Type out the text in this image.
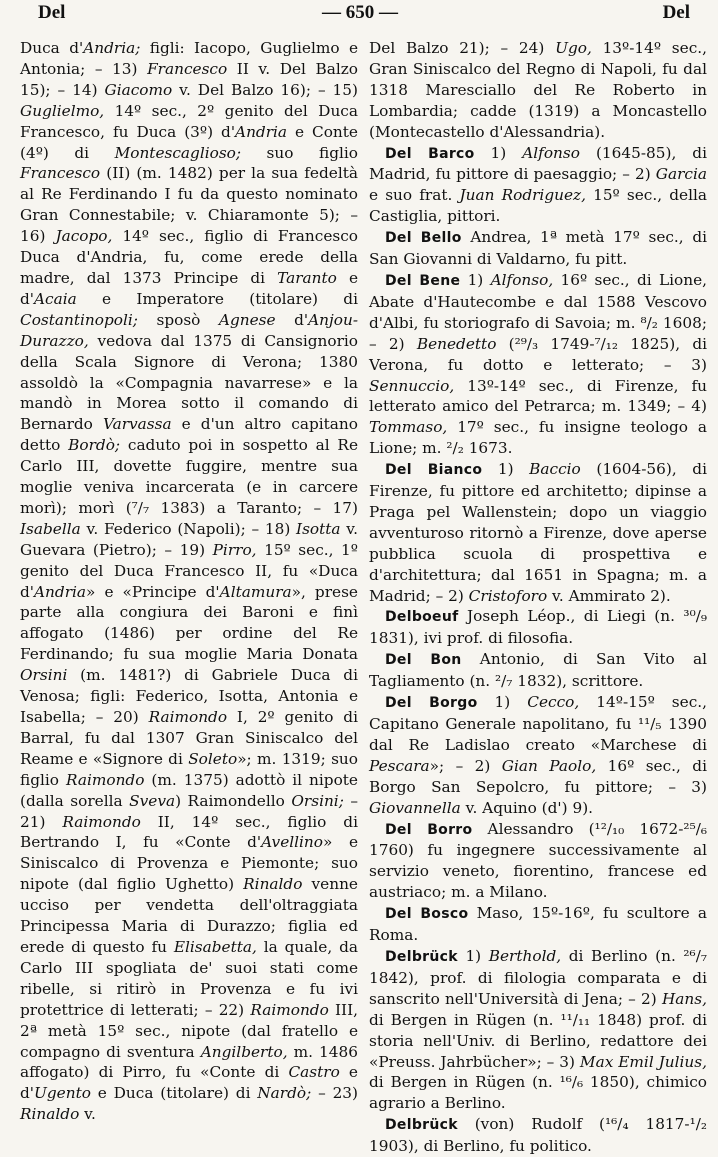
Del	— 650 —	Del

Duca d'Andria; figli: Iacopo, Guglielmo e Antonia; – 13) Francesco II v. Del Balzo 15); – 14) Giacomo v. Del Balzo 16); – 15) Guglielmo, 14º sec., 2º genito del Duca Francesco, fu Duca (3º) d'Andria e Conte (4º) di Montescaglioso; suo figlio Francesco (II) (m. 1482) per la sua fedeltà al Re Ferdinando I fu da questo nominato Gran Connestabile; v. Chiaramonte 5); – 16) Jacopo, 14º sec., figlio di Francesco Duca d'Andria, fu, come erede della madre, dal 1373 Principe di Taranto e d'Acaia e Imperatore (titolare) di Costantinopoli; sposò Agnese d'Anjou-Durazzo, vedova dal 1375 di Cansignorio della Scala Signore di Verona; 1380 assoldò la «Compagnia navarrese» e la mandò in Morea sotto il comando di Bernardo Varvassa e d'un altro capitano detto Bordò; caduto poi in sospetto al Re Carlo III, dovette fuggire, mentre sua moglie veniva incarcerata (e in carcere morì); morì (⁷/₇ 1383) a Taranto; – 17) Isabella v. Federico (Napoli); – 18) Isotta v. Guevara (Pietro); – 19) Pirro, 15º sec., 1º genito del Duca Francesco II, fu «Duca d'Andria» e «Principe d'Altamura», prese parte alla congiura dei Baroni e finì affogato (1486) per ordine del Re Ferdinando; fu sua moglie Maria Donata Orsini (m. 1481?) di Gabriele Duca di Venosa; figli: Federico, Isotta, Antonia e Isabella; – 20) Raimondo I, 2º genito di Barral, fu dal 1307 Gran Siniscalco del Reame e «Signore di Soleto»; m. 1319; suo figlio Raimondo (m. 1375) adottò il nipote (dalla sorella Sveva) Raimondello Orsini; – 21) Raimondo II, 14º sec., figlio di Bertrando I, fu «Conte d'Avellino» e Siniscalco di Provenza e Piemonte; suo nipote (dal figlio Ughetto) Rinaldo venne ucciso per vendetta dell'oltraggiata Principessa Maria di Durazzo; figlia ed erede di questo fu Elisabetta, la quale, da Carlo III spogliata de' suoi stati come ribelle, si ritirò in Provenza e fu ivi protettrice di letterati; – 22) Raimondo III, 2ª metà 15º sec., nipote (dal fratello e compagno di sventura Angilberto, m. 1486 affogato) di Pirro, fu «Conte di Castro e d'Ugento e Duca (titolare) di Nardò; – 23) Rinaldo v.

Del Balzo 21); – 24) Ugo, 13º-14º sec., Gran Siniscalco del Regno di Napoli, fu dal 1318 Maresciallo del Re Roberto in Lombardia; cadde (1319) a Moncastello (Montecastello d'Alessandria).

Del Barco 1) Alfonso (1645-85), di Madrid, fu pittore di paesaggio; – 2) Garcia e suo frat. Juan Rodriguez, 15º sec., della Castiglia, pittori.

Del Bello Andrea, 1ª metà 17º sec., di San Giovanni di Valdarno, fu pitt.

Del Bene 1) Alfonso, 16º sec., di Lione, Abate d'Hautecombe e dal 1588 Vescovo d'Albi, fu storiografo di Savoia; m. ⁸/₂ 1608; – 2) Benedetto (²⁹/₃ 1749-⁷/₁₂ 1825), di Verona, fu dotto e letterato; – 3) Sennuccio, 13º-14º sec., di Firenze, fu letterato amico del Petrarca; m. 1349; – 4) Tommaso, 17º sec., fu insigne teologo a Lione; m. ²/₂ 1673.

Del Bianco 1) Baccio (1604-56), di Firenze, fu pittore ed architetto; dipinse a Praga pel Wallenstein; dopo un viaggio avventuroso ritornò a Firenze, dove aperse pubblica scuola di prospettiva e d'architettura; dal 1651 in Spagna; m. a Madrid; – 2) Cristoforo v. Ammirato 2).

Delboeuf Joseph Léop., di Liegi (n. ³⁰/₉ 1831), ivi prof. di filosofia.

Del Bon Antonio, di San Vito al Tagliamento (n. ²/₇ 1832), scrittore.

Del Borgo 1) Cecco, 14º-15º sec., Capitano Generale napolitano, fu ¹¹/₅ 1390 dal Re Ladislao creato «Marchese di Pescara»; – 2) Gian Paolo, 16º sec., di Borgo San Sepolcro, fu pittore; – 3) Giovannella v. Aquino (d') 9).

Del Borro Alessandro (¹²/₁₀ 1672-²⁵/₆ 1760) fu ingegnere successivamente al servizio veneto, fiorentino, francese ed austriaco; m. a Milano.

Del Bosco Maso, 15º-16º, fu scultore a Roma.

Delbrück 1) Berthold, di Berlino (n. ²⁶/₇ 1842), prof. di filologia comparata e di sanscrito nell'Università di Jena; – 2) Hans, di Bergen in Rügen (n. ¹¹/₁₁ 1848) prof. di storia nell'Univ. di Berlino, redattore dei «Preuss. Jahrbücher»; – 3) Max Emil Julius, di Bergen in Rügen (n. ¹⁶/₆ 1850), chimico agrario a Berlino.

Delbrück (von) Rudolf (¹⁶/₄ 1817-¹/₂ 1903), di Berlino, fu politico.
